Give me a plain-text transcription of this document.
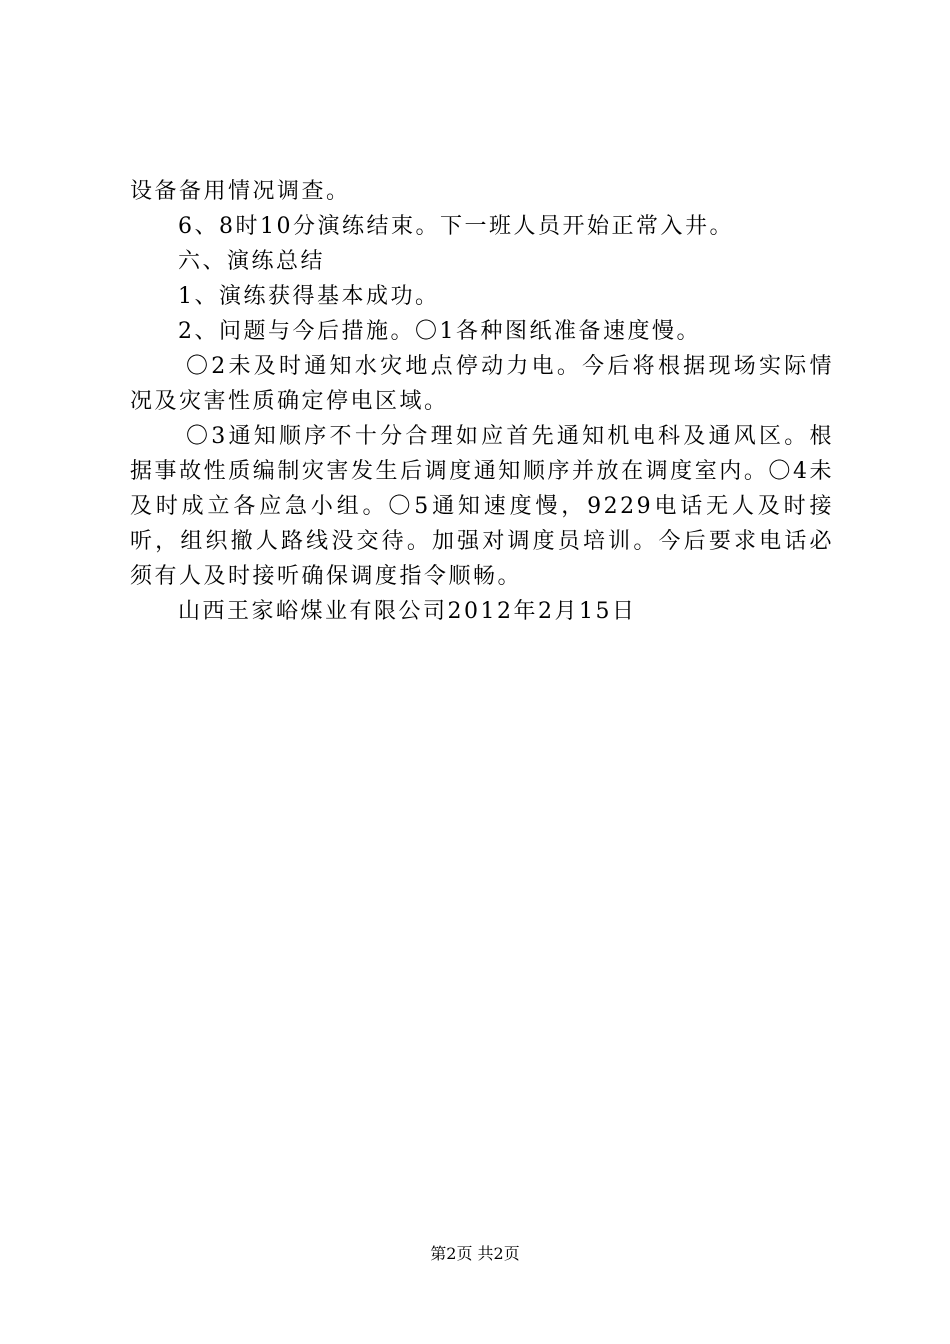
设备备用情况调查。

6、8时10分演练结束。下一班人员开始正常入井。

六、演练总结

1、演练获得基本成功。

2、问题与今后措施。〇1各种图纸准备速度慢。

〇2未及时通知水灾地点停动力电。今后将根据现场实际情况及灾害性质确定停电区域。

〇3通知顺序不十分合理如应首先通知机电科及通风区。根据事故性质编制灾害发生后调度通知顺序并放在调度室内。〇4未及时成立各应急小组。〇5通知速度慢，9229电话无人及时接听，组织撤人路线没交待。加强对调度员培训。今后要求电话必须有人及时接听确保调度指令顺畅。

山西王家峪煤业有限公司2012年2月15日

第2页 共2页
